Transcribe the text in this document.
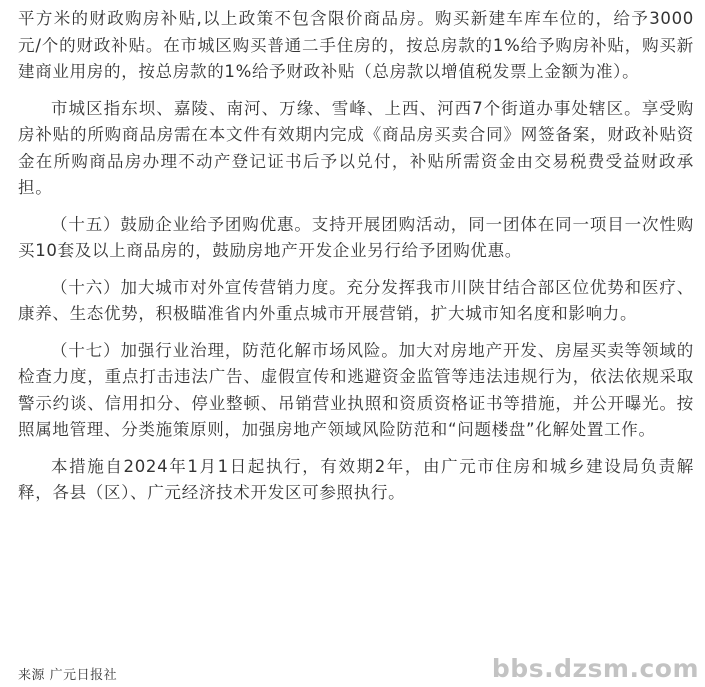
平方米的财政购房补贴,以上政策不包含限价商品房。购买新建车库车位的，给予3000元/个的财政补贴。在市城区购买普通二手住房的，按总房款的1%给予购房补贴，购买新建商业用房的，按总房款的1%给予财政补贴（总房款以增值税发票上金额为准）。

市城区指东坝、嘉陵、南河、万缘、雪峰、上西、河西7个街道办事处辖区。享受购房补贴的所购商品房需在本文件有效期内完成《商品房买卖合同》网签备案，财政补贴资金在所购商品房办理不动产登记证书后予以兑付，补贴所需资金由交易税费受益财政承担。

（十五）鼓励企业给予团购优惠。支持开展团购活动，同一团体在同一项目一次性购买10套及以上商品房的，鼓励房地产开发企业另行给予团购优惠。

（十六）加大城市对外宣传营销力度。充分发挥我市川陕甘结合部区位优势和医疗、康养、生态优势，积极瞄准省内外重点城市开展营销，扩大城市知名度和影响力。

（十七）加强行业治理，防范化解市场风险。加大对房地产开发、房屋买卖等领域的检查力度，重点打击违法广告、虚假宣传和逃避资金监管等违法违规行为，依法依规采取警示约谈、信用扣分、停业整顿、吊销营业执照和资质资格证书等措施，并公开曝光。按照属地管理、分类施策原则，加强房地产领域风险防范和“问题楼盘”化解处置工作。

本措施自2024年1月1日起执行，有效期2年，由广元市住房和城乡建设局负责解释，各县（区）、广元经济技术开发区可参照执行。

来源 广元日报社	bbs.dzsm.com
